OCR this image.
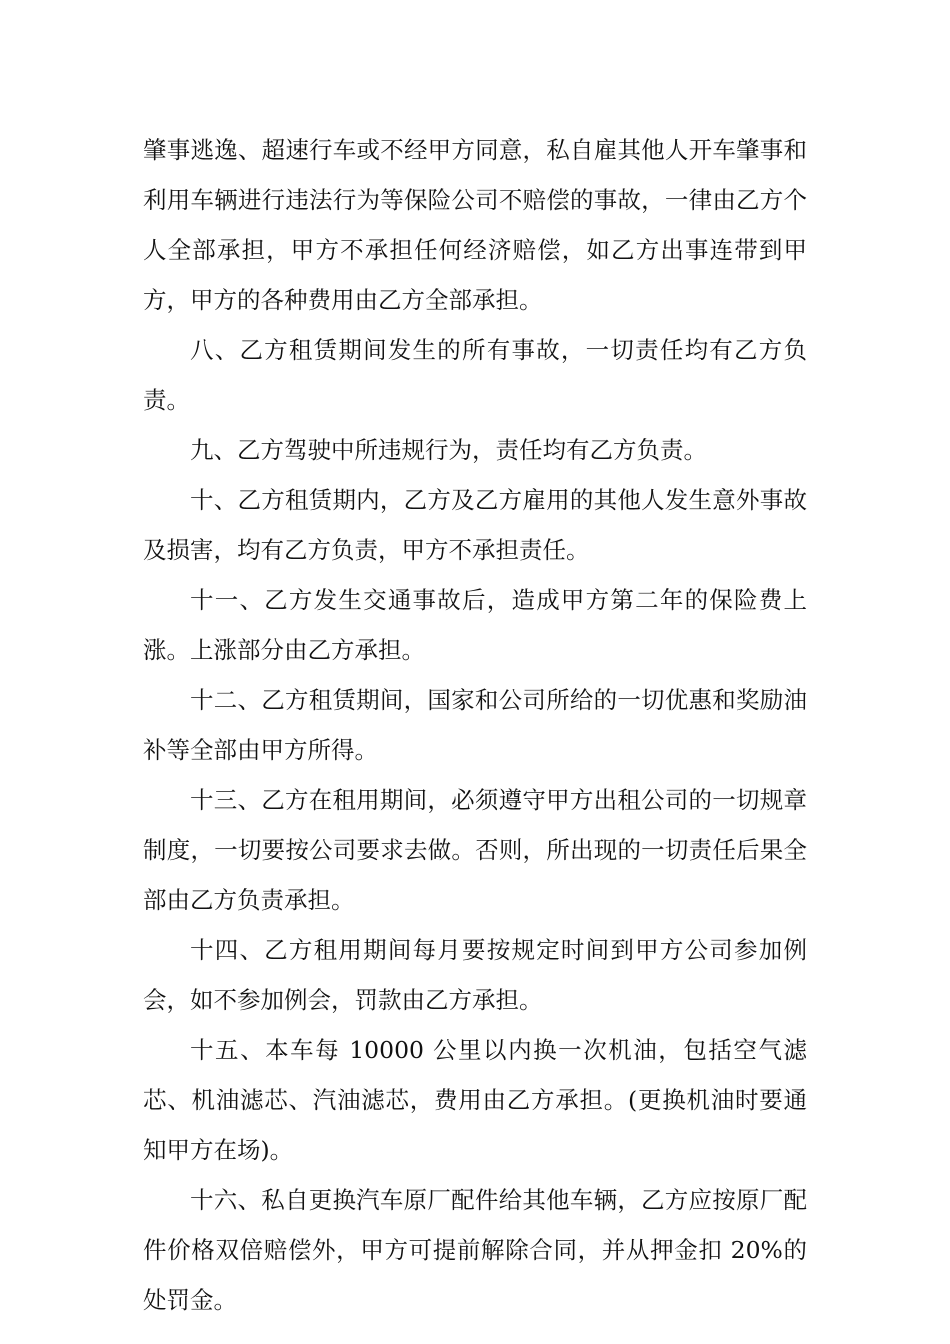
肇事逃逸、超速行车或不经甲方同意，私自雇其他人开车肇事和利用车辆进行违法行为等保险公司不赔偿的事故，一律由乙方个人全部承担，甲方不承担任何经济赔偿，如乙方出事连带到甲方，甲方的各种费用由乙方全部承担。

八、乙方租赁期间发生的所有事故，一切责任均有乙方负责。

九、乙方驾驶中所违规行为，责任均有乙方负责。

十、乙方租赁期内，乙方及乙方雇用的其他人发生意外事故及损害，均有乙方负责，甲方不承担责任。

十一、乙方发生交通事故后，造成甲方第二年的保险费上涨。上涨部分由乙方承担。

十二、乙方租赁期间，国家和公司所给的一切优惠和奖励油补等全部由甲方所得。

十三、乙方在租用期间，必须遵守甲方出租公司的一切规章制度，一切要按公司要求去做。否则，所出现的一切责任后果全部由乙方负责承担。

十四、乙方租用期间每月要按规定时间到甲方公司参加例会，如不参加例会，罚款由乙方承担。

十五、本车每 10000 公里以内换一次机油，包括空气滤芯、机油滤芯、汽油滤芯，费用由乙方承担。(更换机油时要通知甲方在场)。

十六、私自更换汽车原厂配件给其他车辆，乙方应按原厂配件价格双倍赔偿外，甲方可提前解除合同，并从押金扣 20%的处罚金。
